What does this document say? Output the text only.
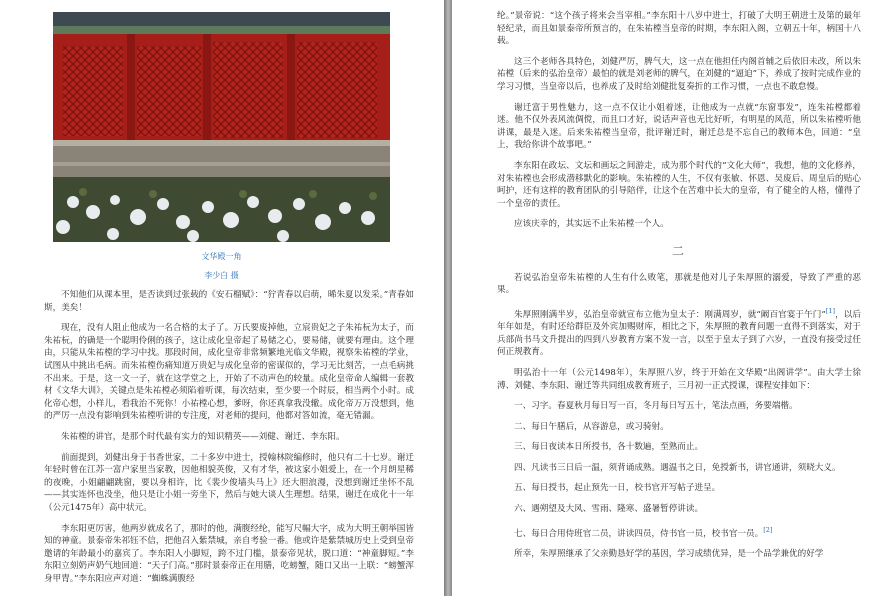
文华殿一角
李少白 摄

不知他们从课本里，是否读到过张载的《安石榴赋》：“狞青春以启萌，晞朱夏以发采。”青春如斯，美矣！

现在，没有人阻止他成为一名合格的太子了。万氏要废掉他，立宸贵妃之子朱祐杬为太子，而朱祐杬，的确是一个聪明伶俐的孩子，这让成化皇帝起了易储之心，要易储，就要有理由。这个理由，只能从朱祐樘的学习中找。那段时间，成化皇帝非常频繁地光临文华殿，视察朱祐樘的学业，试图从中挑出毛病。而朱祐樘伤痛知道万贵妃与成化皇帝的密谋似的，学习无比刻苦，一点毛病挑不出来。于是，这一文一子，就在这学堂之上，开始了不动声色的较量。成化皇帝命人编辑一套教材《文华大训》，关键点是朱祐樘必须陷着听课，每次结束，至少要一个时辰，相当两个小时。成化帝心想，小样儿，看我治不死你！小祐樘心想，爹呀，你还真拿我没辙。成化帝万万没想到，他的严厉一点没有影响到朱祐樘听讲的专注度，对老师的提问，他都对答如流，毫无错漏。

朱祐樘的讲官，是那个时代最有实力的知识精英——刘健、谢迁、李东阳。

前面提到，刘健出身于书香世家，二十多岁中进士，授翰林院编修时，他只有二十七岁。谢迁年轻时曾在江苏一富户家里当家教，因他相貌英俊，又有才华，被这家小姐爱上，在一个月朗星稀的夜晚，小姐翩翩跳窗，要以身相许，比《裴少俊墙头马上》还大胆浪漫，没想到谢迁坐怀不乱——其实连怀也没坐，他只是让小姐一旁坐下，然后与她大谈人生理想。结果，谢迁在成化十一年（公元1475年）高中状元。

李东阳更厉害，他两岁就成名了，那时的他，满腹经纶，能写尺幅大字，成为大明王朝举国皆知的神童。景泰帝朱祁钰不信，把他召入紫禁城，亲自考验一番。他或许是紫禁城历史上受到皇帝邀请的年龄最小的嘉宾了。李东阳人小脚短，跨不过门槛，景泰帝见状，脱口道：“神童脚短。”李东阳立刻奶声奶气地回道：“天子门高。”那时景泰帝正在用膳，吃螃蟹，随口又出一上联：“螃蟹浑身甲胄。”李东阳应声对道：“蜘蛛满腹经

纶。”景帝说：“这个孩子将来会当宰相。”李东阳十八岁中进士，打破了大明王朝进士及第的最年轻纪录，而且如景泰帝所预言的，在朱祐樘当皇帝的时期，李东阳入阁，立朝五十年，柄国十八载。

这三个老师各具特色，刘健严厉，脾气大，这一点在他担任内阁首辅之后依旧未改，所以朱祐樘（后来的弘治皇帝）最怕的就是刘老师的脾气，在刘健的“逼迫”下，养成了按时完成作业的学习习惯，当皇帝以后，也养成了及时给刘健批复奏折的工作习惯，一点也不敢怠慢。

谢迁富于男性魅力，这一点不仅让小姐着迷，让他成为一点就“东窗事发”，连朱祐樘都着迷。他不仅外表风流倜傥，而且口才好，说话声音也无比好听，有明星的风范，所以朱祐樘听他讲课，最是入迷。后来朱祐樘当皇帝，批评谢迁时，谢迁总是不忘自己的教师本色，回道：“皇上，我给你讲个故事吧。”

李东阳在政坛、文坛和画坛之间游走，成为那个时代的“文化大师”，我想，他的文化修养，对朱祐樘也会形成潜移默化的影响。朱祐樘的人生，不仅有张敏、怀恩、吴废后、周皇后的贴心呵护，还有这样的教育团队的引导陪伴，让这个在苦难中长大的皇帝，有了健全的人格，懂得了一个皇帝的责任。

应该庆幸的，其实远不止朱祐樘一个人。

二

若说弘治皇帝朱祐樘的人生有什么败笔，那就是他对儿子朱厚照的溺爱，导致了严重的恶果。

朱厚照刚满半岁，弘治皇帝就宣布立他为皇太子：刚满周岁，就“阚百官宴于午门”[1]，以后年年如是，有时还给群臣及外宾加赐财库，相比之下，朱厚照的教育问题一直得不到落实，对于兵部尚书马文升提出的四到八岁教育方案不发一言，以至于皇太子到了六岁，一直没有接受过任何正规教育。

明弘治十一年（公元1498年），朱厚照八岁，终于开始在文华殿“出阁讲学”。由大学士徐溥、刘健、李东阳、谢迁等共同组成教育班子，三月初一正式授课，课程安排如下：

一、习字。春夏秋月每日写一百，冬月每日写五十，笔法点画，务要端楷。

二、每日午膳后，从容游息，或习骑射。

三、每日夜读本日所授书，各十数遍，至熟而止。

四、凡读书三日后一温，须背诵成熟。遇温书之日，免授新书，讲官通讲，须晓大义。

五、每日授书，起止预先一日，校书官开写帖子进呈。

六、遇朔望及大风、雪雨、隆寒、盛暑暂停讲读。

七、每日合用侍班官二员，讲读四员，侍书官一员，校书官一员。[2]

所幸，朱厚照继承了父亲勤恳好学的基因，学习成绩优异，是一个品学兼优的好学
